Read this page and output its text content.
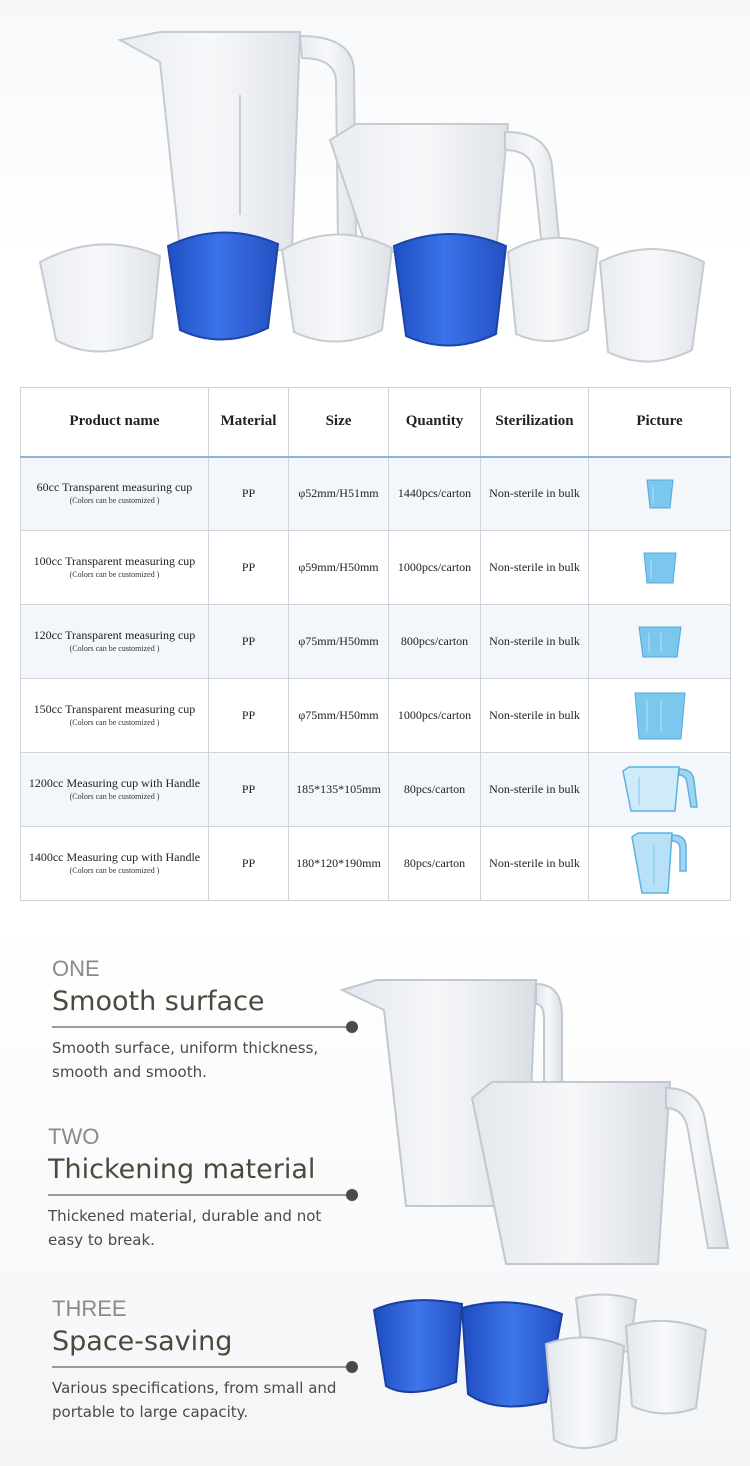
Product name	Material	Size	Quantity	Sterilization	Picture
60cc Transparent measuring cup
(Colors can be customized )	PP	φ52mm/H51mm	1440pcs/carton	Non-sterile in bulk	

100cc Transparent measuring cup
(Colors can be customized )	PP	φ59mm/H50mm	1000pcs/carton	Non-sterile in bulk	

120cc Transparent measuring cup
(Colors can be customized )	PP	φ75mm/H50mm	800pcs/carton	Non-sterile in bulk	

150cc Transparent measuring cup
(Colors can be customized )	PP	φ75mm/H50mm	1000pcs/carton	Non-sterile in bulk	

1200cc Measuring cup with Handle
(Colors can be customized )	PP	185*135*105mm	80pcs/carton	Non-sterile in bulk	

1400cc Measuring cup with Handle
(Colors can be customized )	PP	180*120*190mm	80pcs/carton	Non-sterile in bulk	
ONE
Smooth surface
Smooth surface, uniform thickness,
smooth and smooth.
TWO
Thickening material
Thickened material, durable and not
easy to break.
THREE
Space-saving
Various specifications, from small and
portable to large capacity.
